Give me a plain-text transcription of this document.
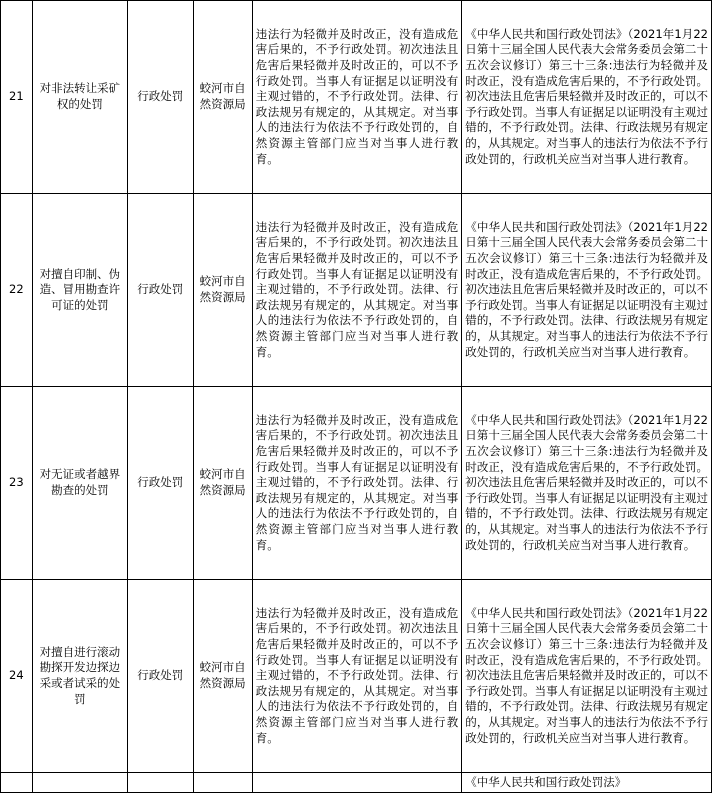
21	对非法转让采矿权的处罚	行政处罚	蛟河市自然资源局	违法行为轻微并及时改正，没有造成危害后果的，不予行政处罚。初次违法且危害后果轻微并及时改正的，可以不予行政处罚。当事人有证据足以证明没有主观过错的，不予行政处罚。法律、行政法规另有规定的，从其规定。对当事人的违法行为依法不予行政处罚的，自然资源主管部门应当对当事人进行教育。	《中华人民共和国行政处罚法》（2021年1月22日第十三届全国人民代表大会常务委员会第二十五次会议修订）第三十三条:违法行为轻微并及时改正，没有造成危害后果的，不予行政处罚。初次违法且危害后果轻微并及时改正的，可以不予行政处罚。当事人有证据足以证明没有主观过错的，不予行政处罚。法律、行政法规另有规定的，从其规定。对当事人的违法行为依法不予行政处罚的，行政机关应当对当事人进行教育。
22	对擅自印制、伪造、冒用勘查许可证的处罚	行政处罚	蛟河市自然资源局	违法行为轻微并及时改正，没有造成危害后果的，不予行政处罚。初次违法且危害后果轻微并及时改正的，可以不予行政处罚。当事人有证据足以证明没有主观过错的，不予行政处罚。法律、行政法规另有规定的，从其规定。对当事人的违法行为依法不予行政处罚的，自然资源主管部门应当对当事人进行教育。	《中华人民共和国行政处罚法》（2021年1月22日第十三届全国人民代表大会常务委员会第二十五次会议修订）第三十三条:违法行为轻微并及时改正，没有造成危害后果的，不予行政处罚。初次违法且危害后果轻微并及时改正的，可以不予行政处罚。当事人有证据足以证明没有主观过错的，不予行政处罚。法律、行政法规另有规定的，从其规定。对当事人的违法行为依法不予行政处罚的，行政机关应当对当事人进行教育。
23	对无证或者越界勘查的处罚	行政处罚	蛟河市自然资源局	违法行为轻微并及时改正，没有造成危害后果的，不予行政处罚。初次违法且危害后果轻微并及时改正的，可以不予行政处罚。当事人有证据足以证明没有主观过错的，不予行政处罚。法律、行政法规另有规定的，从其规定。对当事人的违法行为依法不予行政处罚的，自然资源主管部门应当对当事人进行教育。	《中华人民共和国行政处罚法》（2021年1月22日第十三届全国人民代表大会常务委员会第二十五次会议修订）第三十三条:违法行为轻微并及时改正，没有造成危害后果的，不予行政处罚。初次违法且危害后果轻微并及时改正的，可以不予行政处罚。当事人有证据足以证明没有主观过错的，不予行政处罚。法律、行政法规另有规定的，从其规定。对当事人的违法行为依法不予行政处罚的，行政机关应当对当事人进行教育。
24	对擅自进行滚动勘探开发边探边采或者试采的处罚	行政处罚	蛟河市自然资源局	违法行为轻微并及时改正，没有造成危害后果的，不予行政处罚。初次违法且危害后果轻微并及时改正的，可以不予行政处罚。当事人有证据足以证明没有主观过错的，不予行政处罚。法律、行政法规另有规定的，从其规定。对当事人的违法行为依法不予行政处罚的，自然资源主管部门应当对当事人进行教育。	《中华人民共和国行政处罚法》（2021年1月22日第十三届全国人民代表大会常务委员会第二十五次会议修订）第三十三条:违法行为轻微并及时改正，没有造成危害后果的，不予行政处罚。初次违法且危害后果轻微并及时改正的，可以不予行政处罚。当事人有证据足以证明没有主观过错的，不予行政处罚。法律、行政法规另有规定的，从其规定。对当事人的违法行为依法不予行政处罚的，行政机关应当对当事人进行教育。
					《中华人民共和国行政处罚法》
